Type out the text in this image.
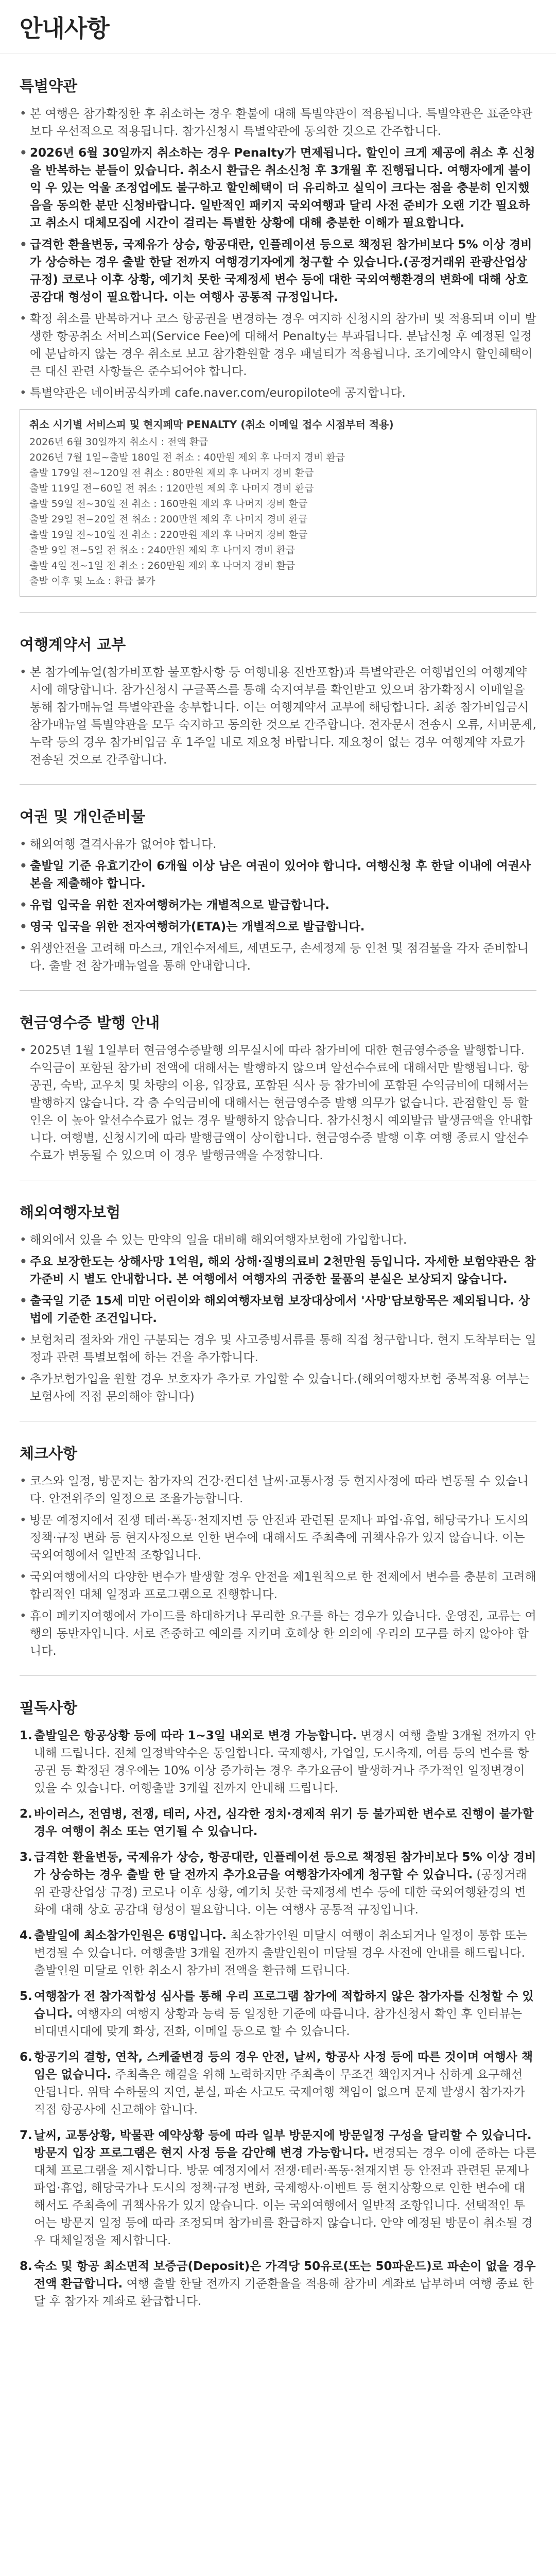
안내사항
특별약관
• 본 여행은 참가확정한 후 취소하는 경우 환불에 대해 특별약관이 적용됩니다. 특별약관은 표준약관보다 우선적으로 적용됩니다. 참가신청시 특별약관에 동의한 것으로 간주합니다.
• 2026년 6월 30일까지 취소하는 경우 Penalty가 면제됩니다. 할인이 크게 제공에 취소 후 신청을 반복하는 분들이 있습니다. 취소시 환급은 취소신청 후 3개월 후 진행됩니다. 여행자에게 불이익 우 있는 억울 조정업에도 불구하고 할인혜택이 더 유리하고 실익이 크다는 점을 충분히 인지했음을 동의한 분만 신청바랍니다. 일반적인 패키지 국외여행과 달리 사전 준비가 오랜 기간 필요하고 취소시 대체모집에 시간이 걸리는 특별한 상황에 대해 충분한 이해가 필요합니다.
• 급격한 환율변동, 국제유가 상승, 항공대란, 인플레이션 등으로 책정된 참가비보다 5% 이상 경비가 상승하는 경우 출발 한달 전까지 여행경기자에게 청구할 수 있습니다.(공정거래위 관광산업상 규정) 코로나 이후 상황, 예기치 못한 국제정세 변수 등에 대한 국외여행환경의 변화에 대해 상호 공감대 형성이 필요합니다. 이는 여행사 공통적 규정입니다.
• 확정 취소를 반복하거나 코스 항공권을 변경하는 경우 여지하 신청시의 참가비 및 적용되며 이미 발생한 항공취소 서비스피(Service Fee)에 대해서 Penalty는 부과됩니다. 분납신청 후 예정된 일정에 분납하지 않는 경우 취소로 보고 참가환원할 경우 패널티가 적용됩니다. 조기예약시 할인혜택이 큰 대신 관련 사항들은 준수되어야 합니다.
• 특별약관은 네이버공식카페 cafe.naver.com/europilote에 공지합니다.
취소 시기별 서비스피 및 현지페막 PENALTY (취소 이메일 접수 시점부터 적용)
2026년 6월 30일까지 취소시 : 전액 환급
2026년 7월 1일~출발 180일 전 취소 : 40만원 제외 후 나머지 경비 환급
출발 179일 전~120일 전 취소 : 80만원 제외 후 나머지 경비 환급
출발 119일 전~60일 전 취소 : 120만원 제외 후 나머지 경비 환급
출발 59일 전~30일 전 취소 : 160만원 제외 후 나머지 경비 환급
출발 29일 전~20일 전 취소 : 200만원 제외 후 나머지 경비 환급
출발 19일 전~10일 전 취소 : 220만원 제외 후 나머지 경비 환급
출발 9일 전~5일 전 취소 : 240만원 제외 후 나머지 경비 환급
출발 4일 전~1일 전 취소 : 260만원 제외 후 나머지 경비 환급
출발 이후 및 노쇼 : 환급 불가
여행계약서 교부
• 본 참가예뉴얼(참가비포함 불포함사항 등 여행내용 전반포함)과 특별약관은 여행법인의 여행계약서에 해당합니다. 참가신청시 구글폭스를 통해 숙지여부를 확인받고 있으며 참가확정시 이메일을 통해 참가매뉴얼 특별약관을 송부합니다. 이는 여행계약서 교부에 해당합니다. 최종 참가비입금시 참가매뉴얼 특별약관을 모두 숙지하고 동의한 것으로 간주합니다. 전자문서 전송시 오류, 서버문제, 누락 등의 경우 참가비입금 후 1주일 내로 재요청 바랍니다. 재요청이 없는 경우 여행계약 자료가 전송된 것으로 간주합니다.
여권 및 개인준비물
• 해외여행 결격사유가 없어야 합니다.
• 출발일 기준 유효기간이 6개월 이상 남은 여권이 있어야 합니다. 여행신청 후 한달 이내에 여권사본을 제출해야 합니다.
• 유럽 입국을 위한 전자여행허가는 개별적으로 발급합니다.
• 영국 입국을 위한 전자여행허가(ETA)는 개별적으로 발급합니다.
• 위생안전을 고려해 마스크, 개인수저세트, 세면도구, 손세정제 등 인천 및 점검물을 각자 준비합니다. 출발 전 참가매뉴얼을 통해 안내합니다.
현금영수증 발행 안내
• 2025년 1월 1일부터 현금영수증발행 의무실시에 따라 참가비에 대한 현금영수증을 발행합니다. 수익금이 포함된 참가비 전액에 대해서는 발행하지 않으며 알선수수료에 대해서만 발행됩니다. 항공권, 숙박, 교우치 및 차량의 이용, 입장료, 포함된 식사 등 참가비에 포함된 수익금비에 대해서는 발행하지 않습니다. 각 층 수익금비에 대해서는 현금영수증 발행 의무가 없습니다. 관점할인 등 할인은 이 높아 알선수수료가 없는 경우 발행하지 않습니다. 참가신청시 예외발급 발생금액을 안내합니다. 여행별, 신청시기에 따라 발행금액이 상이합니다. 현금영수증 발행 이후 여행 종료시 알선수수료가 변동될 수 있으며 이 경우 발행금액을 수정합니다.
해외여행자보험
• 해외에서 있을 수 있는 만약의 일을 대비해 해외여행자보험에 가입합니다.
• 주요 보장한도는 상해사망 1억원, 해외 상해·질병의료비 2천만원 등입니다. 자세한 보험약관은 참가준비 시 별도 안내합니다. 본 여행에서 여행자의 귀중한 물품의 분실은 보상되지 않습니다.
• 출국일 기준 15세 미만 어린이와 해외여행자보험 보장대상에서 '사망'담보항목은 제외됩니다. 상법에 기준한 조건입니다.
• 보험처리 절차와 개인 구분되는 경우 및 사고증빙서류를 통해 직접 청구합니다. 현지 도착부터는 일정과 관련 특별보험에 하는 건을 추가합니다.
• 추가보험가입을 원할 경우 보호자가 추가로 가입할 수 있습니다.(해외여행자보험 중복적용 여부는 보험사에 직접 문의해야 합니다)
체크사항
• 코스와 일정, 방문지는 참가자의 건강·컨디션 날씨·교통사정 등 현지사정에 따라 변동될 수 있습니다. 안전위주의 일정으로 조율가능합니다.
• 방문 예정지에서 전쟁 테러·폭동·천재지변 등 안전과 관련된 문제나 파업·휴업, 해당국가나 도시의 정책·규정 변화 등 현지사정으로 인한 변수에 대해서도 주최측에 귀책사유가 있지 않습니다. 이는 국외여행에서 일반적 조항입니다.
• 국외여행에서의 다양한 변수가 발생할 경우 안전을 제1원칙으로 한 전제에서 변수를 충분히 고려해 합리적인 대체 일정과 프로그램으로 진행합니다.
• 휴이 페키지여행에서 가이드를 하대하거나 무리한 요구를 하는 경우가 있습니다. 운영진, 교류는 여행의 동반자입니다. 서로 존중하고 예의를 지키며 호혜상 한 의의에 우리의 모구를 하지 않아야 합니다.
필독사항
1. 출발일은 항공상황 등에 따라 1~3일 내외로 변경 가능합니다. 변경시 여행 출발 3개월 전까지 안내해 드립니다. 전체 일정박약수은 동일합니다. 국제행사, 가업일, 도시축제, 여름 등의 변수를 항공권 등 확정된 경우에는 10% 이상 증가하는 경우 추가요금이 발생하거나 주가적인 일정변경이 있을 수 있습니다. 여행출발 3개월 전까지 안내해 드립니다.
2. 바이러스, 전염병, 전쟁, 테러, 사건, 심각한 정치·경제적 위기 등 불가피한 변수로 진행이 불가할 경우 여행이 취소 또는 연기될 수 있습니다.
3. 급격한 환율변동, 국제유가 상승, 항공대란, 인플레이션 등으로 책정된 참가비보다 5% 이상 경비가 상승하는 경우 출발 한 달 전까지 추가요금을 여행참가자에게 청구할 수 있습니다. (공정거래위 관광산업상 규정) 코로나 이후 상황, 예기치 못한 국제정세 변수 등에 대한 국외여행환경의 변화에 대해 상호 공감대 형성이 필요합니다. 이는 여행사 공통적 규정입니다.
4. 출발일에 최소참가인원은 6명입니다. 최소참가인원 미달시 여행이 취소되거나 일정이 통합 또는 변경될 수 있습니다. 여행출발 3개월 전까지 출발인원이 미달될 경우 사전에 안내를 해드립니다. 출발인원 미달로 인한 취소시 참가비 전액을 환급해 드립니다.
5. 여행참가 전 참가적합성 심사를 통해 우리 프로그램 참가에 적합하지 않은 참가자를 신청할 수 있습니다. 여행자의 여행지 상황과 능력 등 일정한 기준에 따릅니다. 참가신청서 확인 후 인터뷰는 비대면시대에 맞게 화상, 전화, 이메일 등으로 할 수 있습니다.
6. 항공기의 결항, 연착, 스케줄변경 등의 경우 안전, 날씨, 항공사 사정 등에 따른 것이며 여행사 책임은 없습니다. 주최측은 해결을 위해 노력하지만 주최측이 무조건 책임지거나 심하게 요구해선 안됩니다. 위탁 수하물의 지연, 분실, 파손 사고도 국제여행 책임이 없으며 문제 발생시 참가자가 직접 항공사에 신고해야 합니다.
7. 날씨, 교통상황, 박물관 예약상황 등에 따라 일부 방문지에 방문일정 구성을 달리할 수 있습니다. 방문지 입장 프로그램은 현지 사정 등을 감안해 변경 가능합니다. 변경되는 경우 이에 준하는 다른 대체 프로그램을 제시합니다. 방문 예정지에서 전쟁·테러·폭동·천재지변 등 안전과 관련된 문제나 파업·휴업, 해당국가나 도시의 정책·규정 변화, 국제행사·이벤트 등 현지상황으로 인한 변수에 대해서도 주최측에 귀책사유가 있지 않습니다. 이는 국외여행에서 일반적 조항입니다. 선택적인 투어는 방문지 일정 등에 따라 조정되며 참가비를 환급하지 않습니다. 안약 예정된 방문이 취소될 경우 대체일정을 제시합니다.
8. 숙소 및 항공 최소면적 보증금(Deposit)은 가격당 50유로(또는 50파운드)로 파손이 없을 경우 전액 환급합니다. 여행 출발 한달 전까지 기준환율을 적용해 참가비 계좌로 납부하며 여행 종료 한달 후 참가자 계좌로 환급합니다.
